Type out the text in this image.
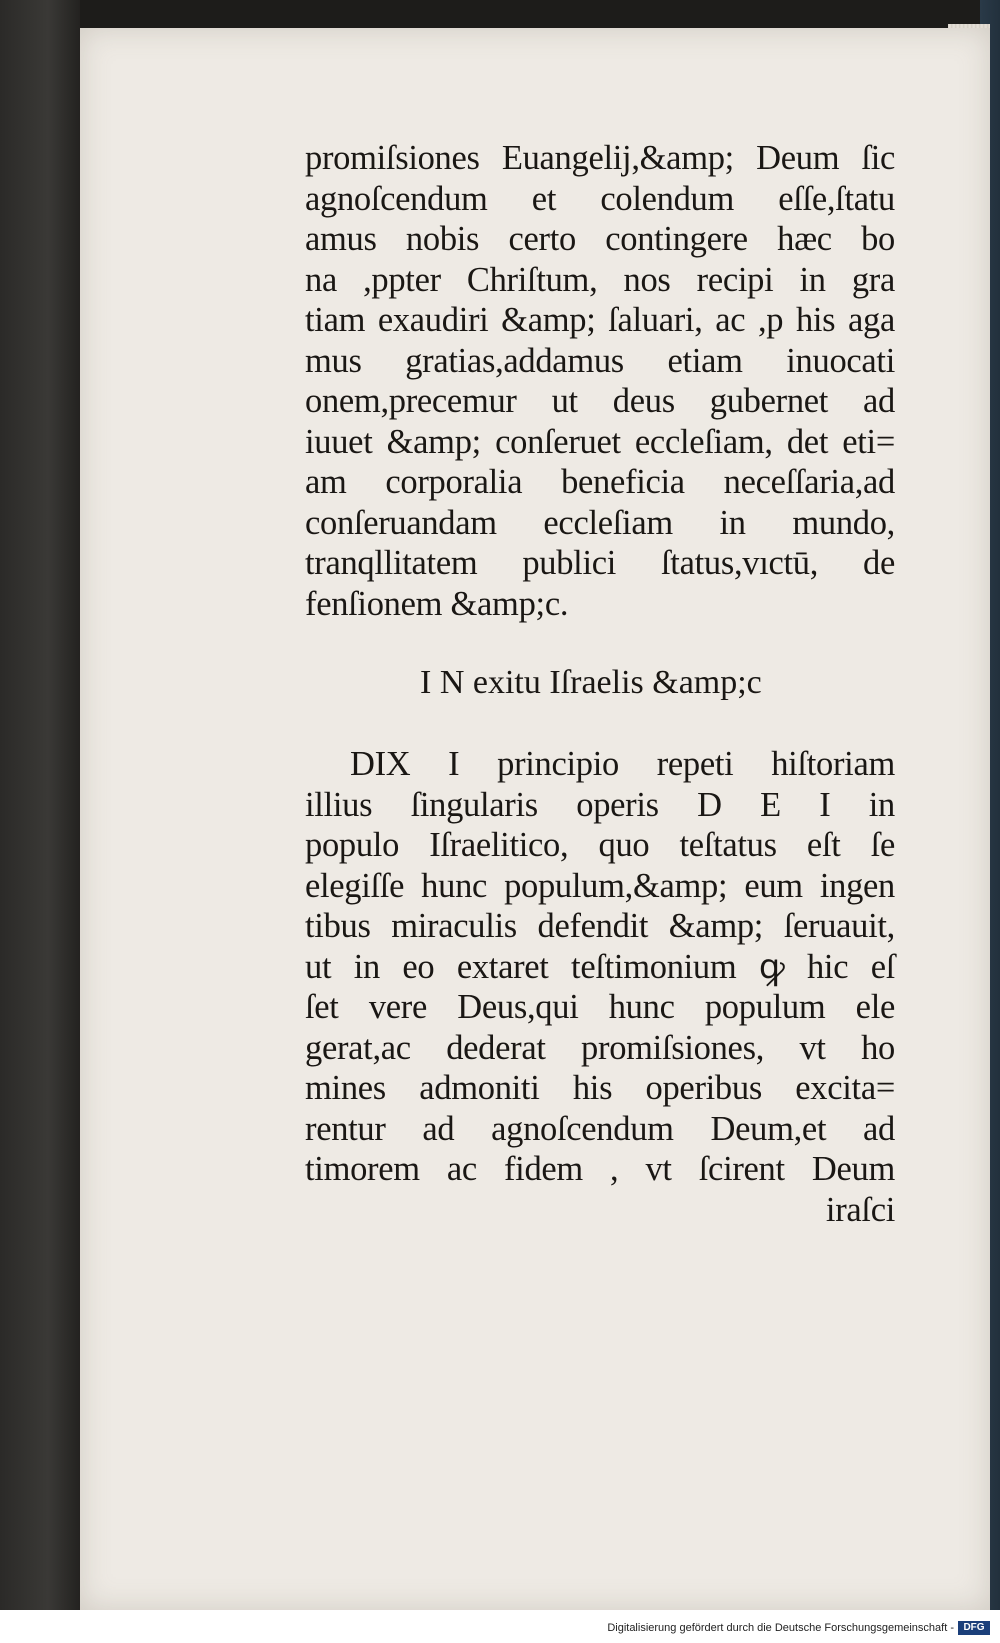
promiſsiones Euangelij,&amp; Deum ſic
agnoſcendum et colendum eſſe,ſtatu
amus nobis certo contingere hæc bo
na ,ppter Chriſtum, nos recipi in gra
tiam exaudiri &amp; ſaluari, ac ,p his aga
mus gratias,addamus etiam inuocati
onem,precemur ut deus gubernet ad
iuuet &amp; conſeruet eccleſiam, det eti=
am corporalia beneficia neceſſaria,ad
conſeruandam eccleſiam in mundo,
tranqllitatem publici ſtatus,vıctū, de
fenſionem &amp;c.
I N exitu Iſraelis &amp;c
DIX I principio repeti hiſtoriam
illius ſingularis operis D E I in
populo Iſraelitico, quo teſtatus eſt ſe
elegiſſe hunc populum,&amp; eum ingen
tibus miraculis defendit &amp; ſeruauit,
ut in eo extaret teſtimonium ꝙ hic eſ
ſet vere Deus,qui hunc populum ele
gerat,ac dederat promiſsiones, vt ho
mines admoniti his operibus excita=
rentur ad agnoſcendum Deum,et ad
timorem ac fidem , vt ſcirent Deum
iraſci
Digitalisierung gefördert durch die Deutsche Forschungsgemeinschaft - DFG
